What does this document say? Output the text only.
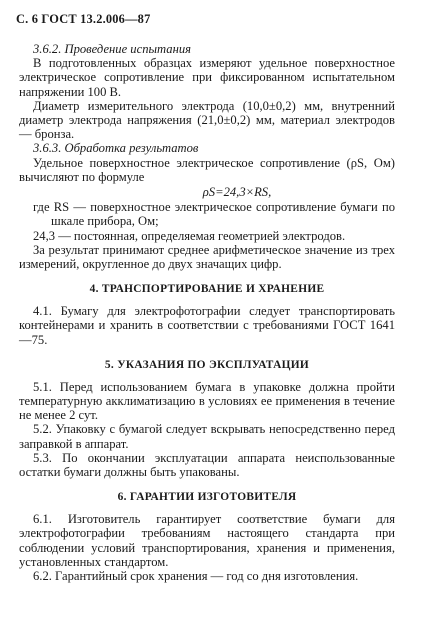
С. 6 ГОСТ 13.2.006—87

3.6.2. Проведение испытания

В подготовленных образцах измеряют удельное поверхностное электрическое сопротивление при фиксированном испытательном напряжении 100 В.

Диаметр измерительного электрода (10,0±0,2) мм, внутренний диаметр электрода напряжения (21,0±0,2) мм, материал электродов — бронза.

3.6.3. Обработка результатов

Удельное поверхностное электрическое сопротивление (ρS, Ом) вычисляют по формуле

ρS=24,3×RS,

где RS — поверхностное электрическое сопротивление бумаги по шкале прибора, Ом;

24,3 — постоянная, определяемая геометрией электродов.

За результат принимают среднее арифметическое значение из трех измерений, округленное до двух значащих цифр.

4. ТРАНСПОРТИРОВАНИЕ И ХРАНЕНИЕ

4.1. Бумагу для электрофотографии следует транспортировать контейнерами и хранить в соответствии с требованиями ГОСТ 1641—75.

5. УКАЗАНИЯ ПО ЭКСПЛУАТАЦИИ

5.1. Перед использованием бумага в упаковке должна пройти температурную акклиматизацию в условиях ее применения в течение не менее 2 сут.

5.2. Упаковку с бумагой следует вскрывать непосредственно перед заправкой в аппарат.

5.3. По окончании эксплуатации аппарата неиспользованные остатки бумаги должны быть упакованы.

6. ГАРАНТИИ ИЗГОТОВИТЕЛЯ

6.1. Изготовитель гарантирует соответствие бумаги для электрофотографии требованиям настоящего стандарта при соблюдении условий транспортирования, хранения и применения, установленных стандартом.

6.2. Гарантийный срок хранения — год со дня изготовления.
